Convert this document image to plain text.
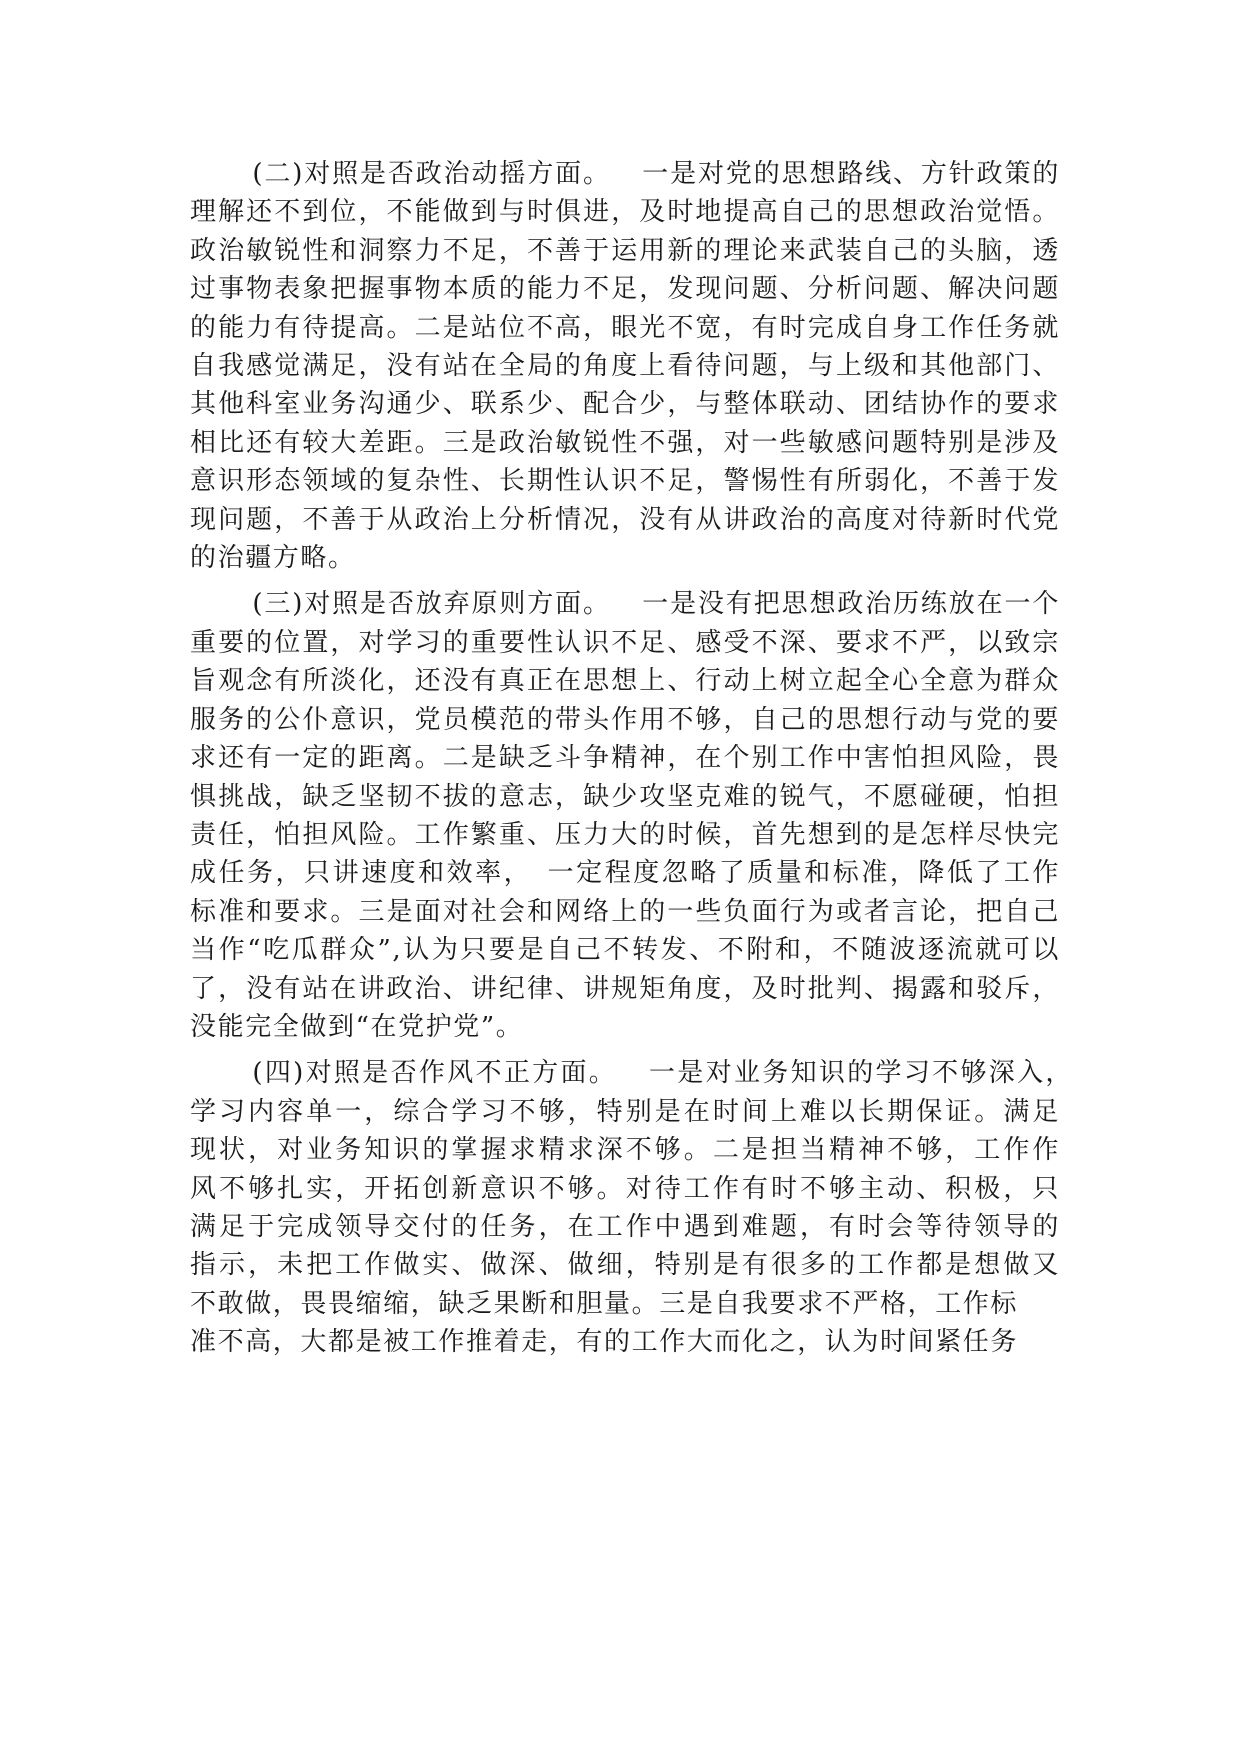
(二)对照是否政治动摇方面。 一是对党的思想路线、方针政策的理解还不到位，不能做到与时俱进，及时地提高自己的思想政治觉悟。政治敏锐性和洞察力不足，不善于运用新的理论来武装自己的头脑，透过事物表象把握事物本质的能力不足，发现问题、分析问题、解决问题的能力有待提高。二是站位不高，眼光不宽，有时完成自身工作任务就自我感觉满足，没有站在全局的角度上看待问题，与上级和其他部门、其他科室业务沟通少、联系少、配合少，与整体联动、团结协作的要求相比还有较大差距。三是政治敏锐性不强，对一些敏感问题特别是涉及意识形态领域的复杂性、长期性认识不足，警惕性有所弱化，不善于发现问题，不善于从政治上分析情况，没有从讲政治的高度对待新时代党的治疆方略。

(三)对照是否放弃原则方面。 一是没有把思想政治历练放在一个重要的位置，对学习的重要性认识不足、感受不深、要求不严，以致宗旨观念有所淡化，还没有真正在思想上、行动上树立起全心全意为群众服务的公仆意识，党员模范的带头作用不够，自己的思想行动与党的要求还有一定的距离。二是缺乏斗争精神，在个别工作中害怕担风险，畏惧挑战，缺乏坚韧不拔的意志，缺少攻坚克难的锐气，不愿碰硬，怕担责任，怕担风险。工作繁重、压力大的时候，首先想到的是怎样尽快完成任务，只讲速度和效率，　一定程度忽略了质量和标准，降低了工作标准和要求。三是面对社会和网络上的一些负面行为或者言论，把自己当作“吃瓜群众”,认为只要是自己不转发、不附和，不随波逐流就可以了，没有站在讲政治、讲纪律、讲规矩角度，及时批判、揭露和驳斥，没能完全做到“在党护党”。

(四)对照是否作风不正方面。 一是对业务知识的学习不够深入，　学习内容单一，综合学习不够，特别是在时间上难以长期保证。满足　现状，对业务知识的掌握求精求深不够。二是担当精神不够，工作作　风不够扎实，开拓创新意识不够。对待工作有时不够主动、积极，只　满足于完成领导交付的任务，在工作中遇到难题，有时会等待领导的　指示，未把工作做实、做深、做细，特别是有很多的工作都是想做又　不敢做，畏畏缩缩，缺乏果断和胆量。三是自我要求不严格，工作标

准不高，大都是被工作推着走，有的工作大而化之，认为时间紧任务
